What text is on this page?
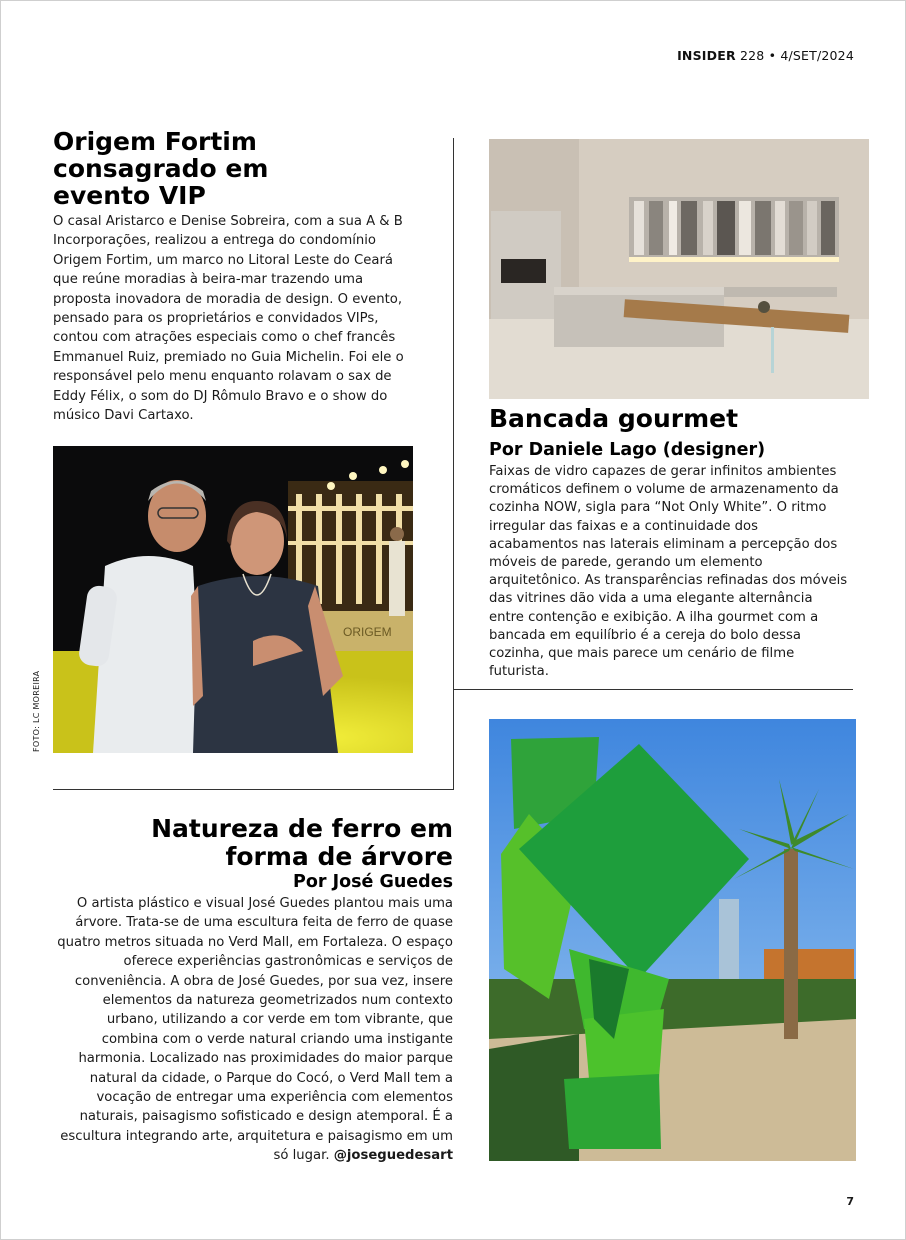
INSIDER 228 • 4/SET/2024
Origem Fortim consagrado em evento VIP

O casal Aristarco e Denise Sobreira, com a sua A & B Incorporações, realizou a entrega do condomínio Origem Fortim, um marco no Litoral Leste do Ceará que reúne moradias à beira-mar trazendo uma proposta inovadora de moradia de design. O evento, pensado para os proprietários e convidados VIPs, contou com atrações especiais como o chef francês Emmanuel Ruiz, premiado no Guia Michelin. Foi ele o responsável pelo menu enquanto rolavam o sax de Eddy Félix, o som do DJ Rômulo Bravo e o show do músico Davi Cartaxo.

ORIGEM
FOTO: LC MOREIRA
Bancada gourmet
Por Daniele Lago (designer)

Faixas de vidro capazes de gerar infinitos ambientes cromáticos definem o volume de armazenamento da cozinha NOW, sigla para “Not Only White”. O ritmo irregular das faixas e a continuidade dos acabamentos nas laterais eliminam a percepção dos móveis de parede, gerando um elemento arquitetônico. As transparências refinadas dos móveis das vitrines dão vida a uma elegante alternância entre contenção e exibição. A ilha gourmet com a bancada em equilíbrio é a cereja do bolo dessa cozinha, que mais parece um cenário de filme futurista.

Natureza de ferro em forma de árvore
Por José Guedes

O artista plástico e visual José Guedes plantou mais uma árvore. Trata-se de uma escultura feita de ferro de quase quatro metros situada no Verd Mall, em Fortaleza. O espaço oferece experiências gastronômicas e serviços de conveniência. A obra de José Guedes, por sua vez, insere elementos da natureza geometrizados num contexto urbano, utilizando a cor verde em tom vibrante, que combina com o verde natural criando uma instigante harmonia. Localizado nas proximidades do maior parque natural da cidade, o Parque do Cocó, o Verd Mall tem a vocação de entregar uma experiência com elementos naturais, paisagismo sofisticado e design atemporal. É a escultura integrando arte, arquitetura e paisagismo em um só lugar. @joseguedesart

7
